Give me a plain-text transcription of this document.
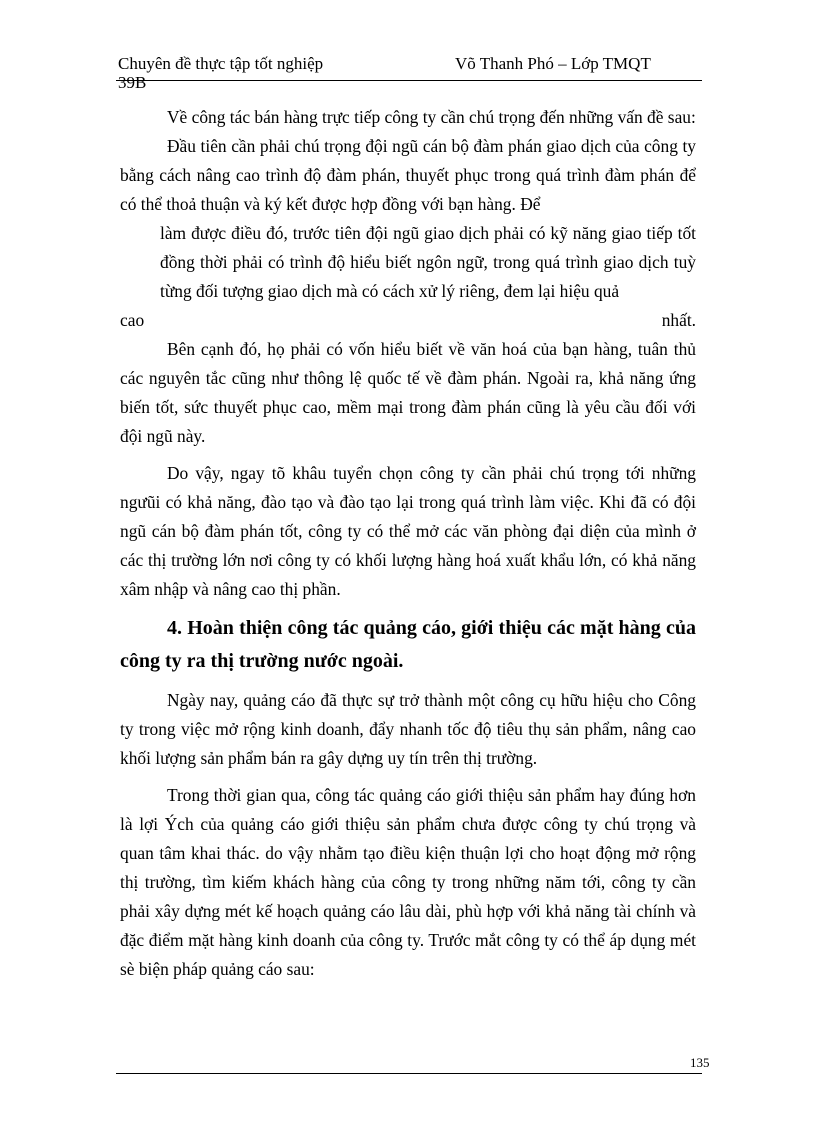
Chuyên đề thực tập tốt nghiệp	Võ Thanh Phó – Lớp TMQT
39B

Về công tác bán hàng trực tiếp công ty cần chú trọng đến những vấn đề sau:

Đầu tiên cần phải chú trọng đội ngũ cán bộ đàm phán giao dịch của công ty bằng cách nâng cao trình độ đàm phán, thuyết phục trong quá trình đàm phán để có thể thoả thuận và ký kết được hợp đồng với bạn hàng. Để

làm được điều đó, trước tiên đội ngũ giao dịch phải có kỹ năng giao tiếp tốt đồng thời phải có trình độ hiểu biết ngôn ngữ, trong quá trình giao dịch tuỳ từng đối tượng giao dịch mà có cách xử lý riêng, đem lại hiệu quả

cao	nhất.

Bên cạnh đó, họ phải có vốn hiểu biết về văn hoá của bạn hàng, tuân thủ các nguyên tắc cũng như thông lệ quốc tế về đàm phán. Ngoài ra, khả năng ứng biến tốt, sức thuyết phục cao, mềm mại trong đàm phán cũng là yêu cầu đối với đội ngũ này.

Do vậy, ngay tõ khâu tuyển chọn công ty cần phải chú trọng tới những ngưũi có khả năng, đào tạo và đào tạo lại trong quá trình làm việc. Khi đã có đội ngũ cán bộ đàm phán tốt, công ty có thể mở các văn phòng đại diện của mình ở các thị trường lớn nơi công ty có khối lượng hàng hoá xuất khẩu lớn, có khả năng xâm nhập và nâng cao thị phần.

4. Hoàn thiện công tác quảng cáo, giới thiệu các mặt hàng của công ty ra thị trường nước ngoài.

Ngày nay, quảng cáo đã thực sự trở thành một công cụ hữu hiệu cho Công ty trong việc mở rộng kinh doanh, đẩy nhanh tốc độ tiêu thụ sản phẩm, nâng cao khối lượng sản phẩm bán ra gây dựng uy tín trên thị trường.

Trong thời gian qua, công tác quảng cáo giới thiệu sản phẩm hay đúng hơn là lợi Ých của quảng cáo giới thiệu sản phẩm chưa được công ty chú trọng và quan tâm khai thác. do vậy nhằm tạo điều kiện thuận lợi cho hoạt động mở rộng thị trường, tìm kiếm khách hàng của công ty trong những năm tới, công ty cần phải xây dựng mét kế hoạch quảng cáo lâu dài, phù hợp với khả năng tài chính và đặc điểm mặt hàng kinh doanh của công ty. Trước mắt công ty có thể áp dụng mét sè biện pháp quảng cáo sau:

135
